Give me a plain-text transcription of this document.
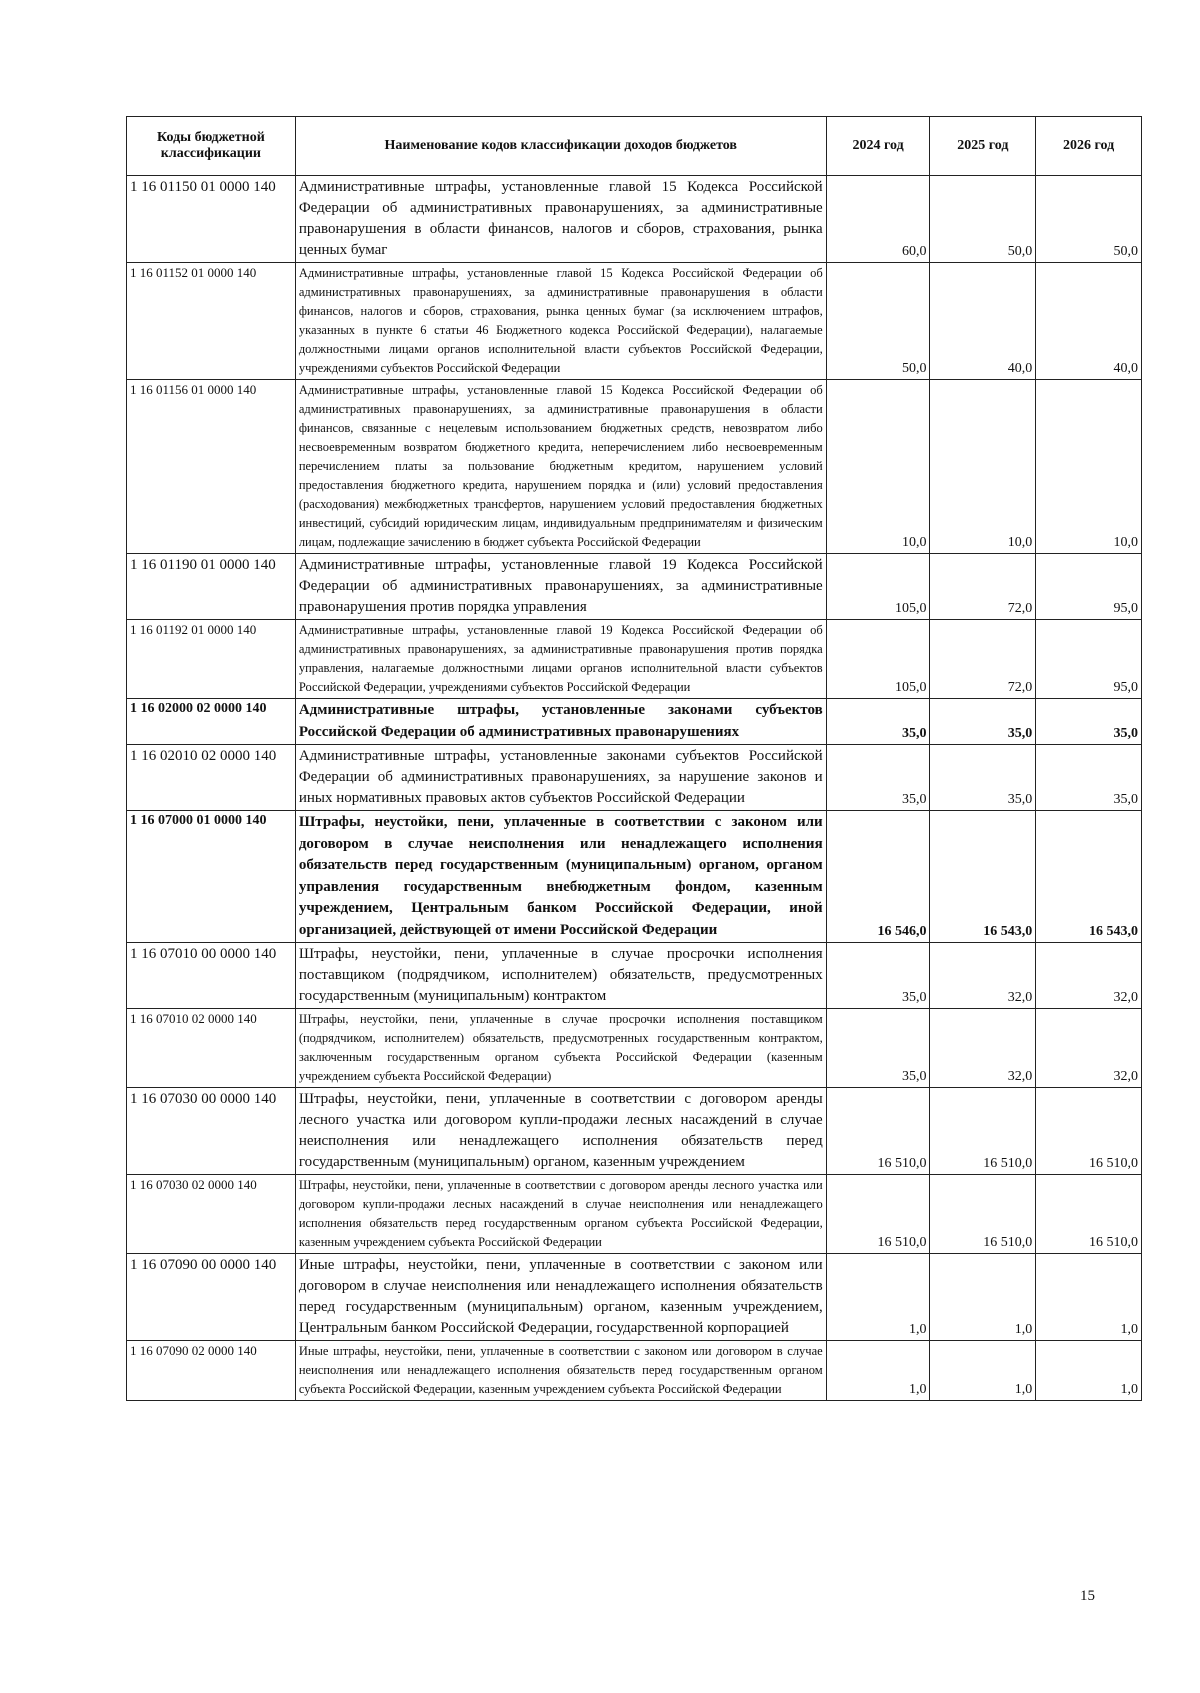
Коды бюджетной классификации	Наименование кодов классификации доходов бюджетов	2024 год	2025 год	2026 год
1 16 01150 01 0000 140	Административные штрафы, установленные главой 15 Кодекса Российской Федерации об административных правонарушениях, за административные правонарушения в области финансов, налогов и сборов, страхования, рынка ценных бумаг	60,0	50,0	50,0
1 16 01152 01 0000 140	Административные штрафы, установленные главой 15 Кодекса Российской Федерации об административных правонарушениях, за административные правонарушения в области финансов, налогов и сборов, страхования, рынка ценных бумаг (за исключением штрафов, указанных в пункте 6 статьи 46 Бюджетного кодекса Российской Федерации), налагаемые должностными лицами органов исполнительной власти субъектов Российской Федерации, учреждениями субъектов Российской Федерации	50,0	40,0	40,0
1 16 01156 01 0000 140	Административные штрафы, установленные главой 15 Кодекса Российской Федерации об административных правонарушениях, за административные правонарушения в области финансов, связанные с нецелевым использованием бюджетных средств, невозвратом либо несвоевременным возвратом бюджетного кредита, неперечислением либо несвоевременным перечислением платы за пользование бюджетным кредитом, нарушением условий предоставления бюджетного кредита, нарушением порядка и (или) условий предоставления (расходования) межбюджетных трансфертов, нарушением условий предоставления бюджетных инвестиций, субсидий юридическим лицам, индивидуальным предпринимателям и физическим лицам, подлежащие зачислению в бюджет субъекта Российской Федерации	10,0	10,0	10,0
1 16 01190 01 0000 140	Административные штрафы, установленные главой 19 Кодекса Российской Федерации об административных правонарушениях, за административные правонарушения против порядка управления	105,0	72,0	95,0
1 16 01192 01 0000 140	Административные штрафы, установленные главой 19 Кодекса Российской Федерации об административных правонарушениях, за административные правонарушения против порядка управления, налагаемые должностными лицами органов исполнительной власти субъектов Российской Федерации, учреждениями субъектов Российской Федерации	105,0	72,0	95,0
1 16 02000 02 0000 140	Административные штрафы, установленные законами субъектов Российской Федерации об административных правонарушениях	35,0	35,0	35,0
1 16 02010 02 0000 140	Административные штрафы, установленные законами субъектов Российской Федерации об административных правонарушениях, за нарушение законов и иных нормативных правовых актов субъектов Российской Федерации	35,0	35,0	35,0
1 16 07000 01 0000 140	Штрафы, неустойки, пени, уплаченные в соответствии с законом или договором в случае неисполнения или ненадлежащего исполнения обязательств перед государственным (муниципальным) органом, органом управления государственным внебюджетным фондом, казенным учреждением, Центральным банком Российской Федерации, иной организацией, действующей от имени Российской Федерации	16 546,0	16 543,0	16 543,0
1 16 07010 00 0000 140	Штрафы, неустойки, пени, уплаченные в случае просрочки исполнения поставщиком (подрядчиком, исполнителем) обязательств, предусмотренных государственным (муниципальным) контрактом	35,0	32,0	32,0
1 16 07010 02 0000 140	Штрафы, неустойки, пени, уплаченные в случае просрочки исполнения поставщиком (подрядчиком, исполнителем) обязательств, предусмотренных государственным контрактом, заключенным государственным органом субъекта Российской Федерации (казенным учреждением субъекта Российской Федерации)	35,0	32,0	32,0
1 16 07030 00 0000 140	Штрафы, неустойки, пени, уплаченные в соответствии с договором аренды лесного участка или договором купли-продажи лесных насаждений в случае неисполнения или ненадлежащего исполнения обязательств перед государственным (муниципальным) органом, казенным учреждением	16 510,0	16 510,0	16 510,0
1 16 07030 02 0000 140	Штрафы, неустойки, пени, уплаченные в соответствии с договором аренды лесного участка или договором купли-продажи лесных насаждений в случае неисполнения или ненадлежащего исполнения обязательств перед государственным органом субъекта Российской Федерации, казенным учреждением субъекта Российской Федерации	16 510,0	16 510,0	16 510,0
1 16 07090 00 0000 140	Иные штрафы, неустойки, пени, уплаченные в соответствии с законом или договором в случае неисполнения или ненадлежащего исполнения обязательств перед государственным (муниципальным) органом, казенным учреждением, Центральным банком Российской Федерации, государственной корпорацией	1,0	1,0	1,0
1 16 07090 02 0000 140	Иные штрафы, неустойки, пени, уплаченные в соответствии с законом или договором в случае неисполнения или ненадлежащего исполнения обязательств перед государственным органом субъекта Российской Федерации, казенным учреждением субъекта Российской Федерации	1,0	1,0	1,0
15
